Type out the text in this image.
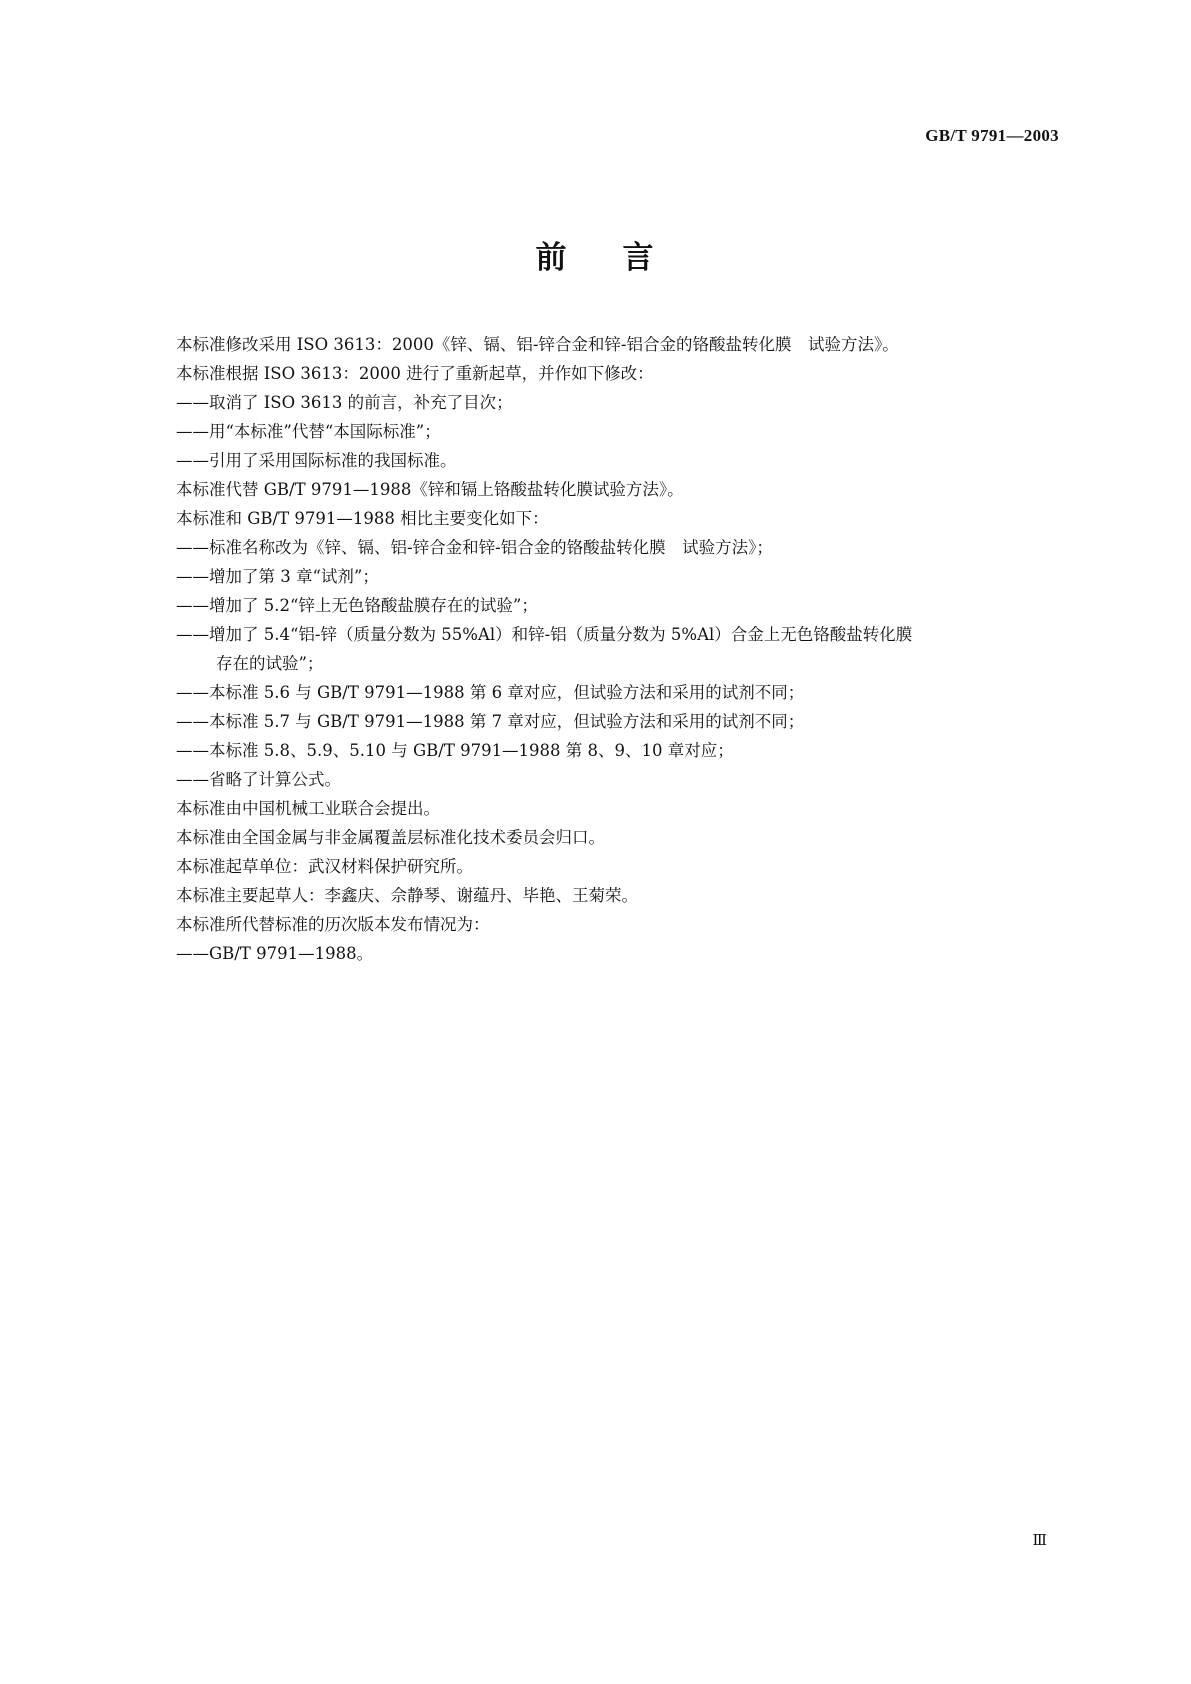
GB/T 9791—2003
前 言

本标准修改采用 ISO 3613：2000《锌、镉、铝-锌合金和锌-铝合金的铬酸盐转化膜　试验方法》。

本标准根据 ISO 3613：2000 进行了重新起草，并作如下修改：

——取消了 ISO 3613 的前言，补充了目次；

——用“本标准”代替“本国际标准”；

——引用了采用国际标准的我国标准。

本标准代替 GB/T 9791—1988《锌和镉上铬酸盐转化膜试验方法》。

本标准和 GB/T 9791—1988 相比主要变化如下：

——标准名称改为《锌、镉、铝-锌合金和锌-铝合金的铬酸盐转化膜　试验方法》；

——增加了第 3 章“试剂”；

——增加了 5.2“锌上无色铬酸盐膜存在的试验”；

——增加了 5.4“铝-锌（质量分数为 55%Al）和锌-铝（质量分数为 5%Al）合金上无色铬酸盐转化膜

存在的试验”；

——本标准 5.6 与 GB/T 9791—1988 第 6 章对应，但试验方法和采用的试剂不同；

——本标准 5.7 与 GB/T 9791—1988 第 7 章对应，但试验方法和采用的试剂不同；

——本标准 5.8、5.9、5.10 与 GB/T 9791—1988 第 8、9、10 章对应；

——省略了计算公式。

本标准由中国机械工业联合会提出。

本标准由全国金属与非金属覆盖层标准化技术委员会归口。

本标准起草单位：武汉材料保护研究所。

本标准主要起草人：李鑫庆、佘静琴、谢蕴丹、毕艳、王菊荣。

本标准所代替标准的历次版本发布情况为：

——GB/T 9791—1988。

Ⅲ
